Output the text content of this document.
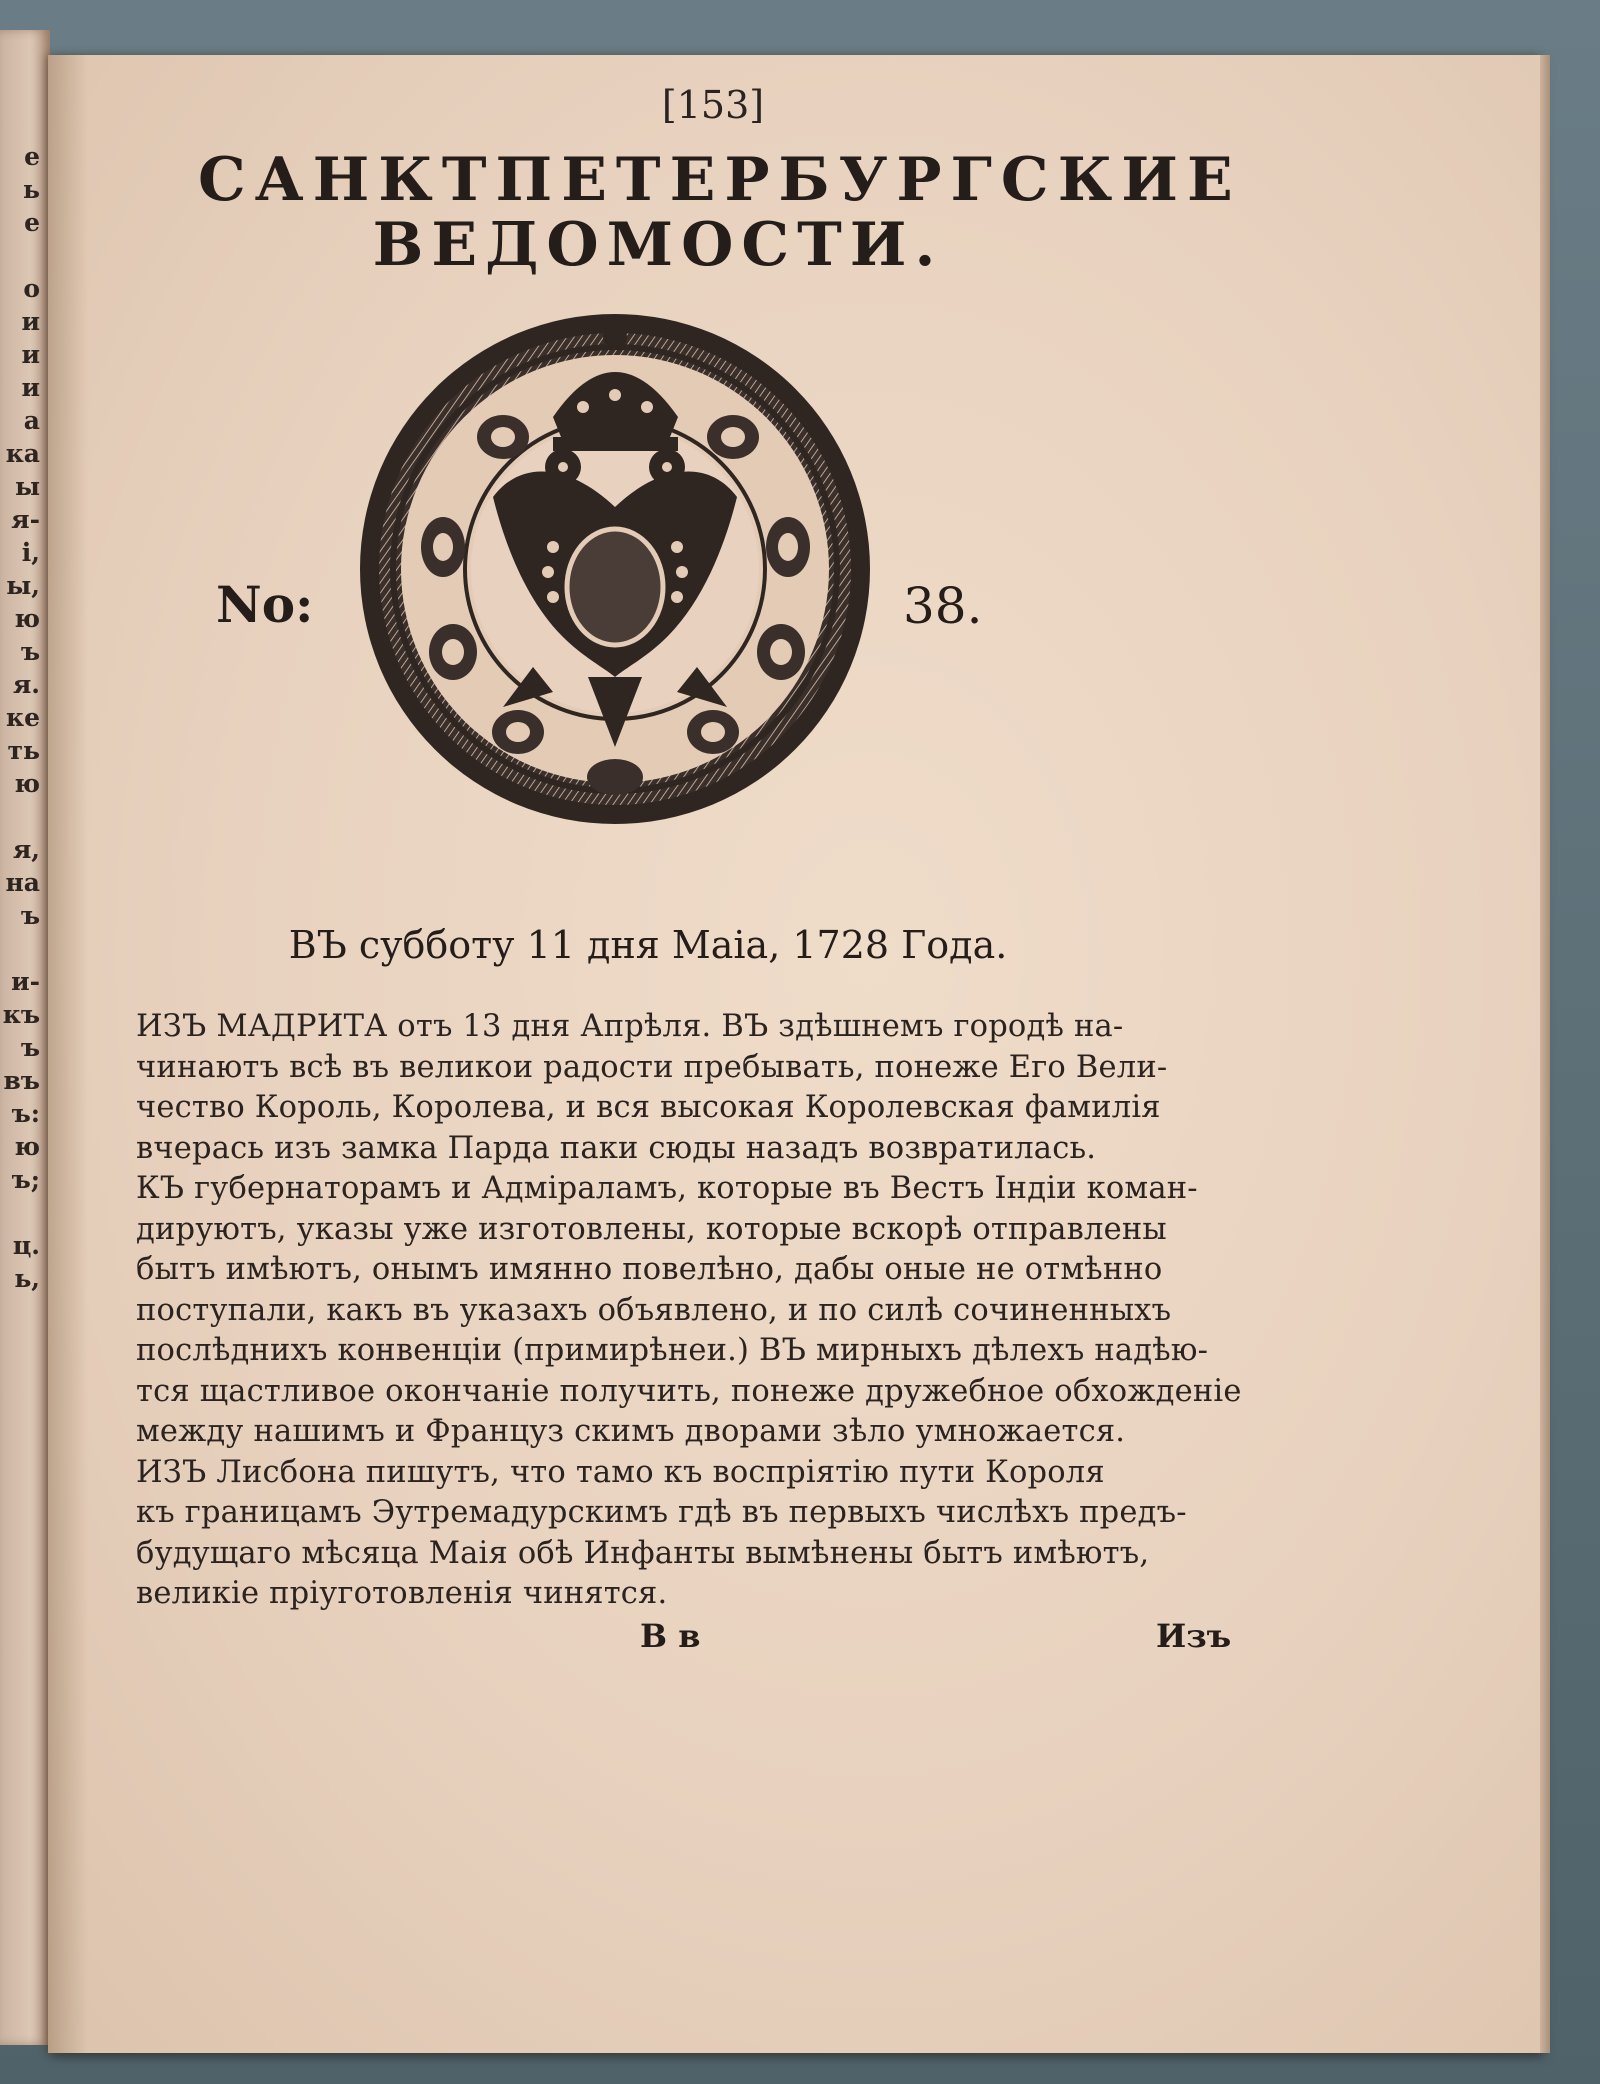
е
ь
е
о
и
и
и
а
ка
ы
я-
і,
ы,
ю
ъ
я.
ке
ть
ю
я,
на
ъ
и-
къ
ъ
въ
ъ:
ю
ъ;
ц.
ь,
[153]
САНКТПЕТЕРБУРГСКИЕ
ВЕДОМОСТИ.
No:	38.
ВЪ субботу 11 дня Маіа, 1728 Года.
ИЗЪ МАДРИТА отъ 13 дня Апрѣля. ВЪ здѣшнемъ городѣ на-
чинаютъ всѣ въ великои радости пребывать, понеже Его Вели-
чество Король, Королева, и вся высокая Королевская фамилія
вчерась изъ замка Парда паки сюды назадъ возвратилась.
КЪ губернаторамъ и Адміраламъ, которые въ Вестъ Індіи коман-
дируютъ, указы уже изготовлены, которые вскорѣ отправлены
бытъ имѣютъ, онымъ имянно повелѣно, дабы оные не отмѣнно
поступали, какъ въ указахъ объявлено, и по силѣ сочиненныхъ
послѣднихъ конвенціи (примирѣнеи.) ВЪ мирныхъ дѣлехъ надѣю-
тся щастливое окончаніе получить, понеже дружебное обхожденіе
между нашимъ и Француз скимъ дворами зѣло умножается.
ИЗЪ Лисбона пишутъ, что тамо къ воспріятію пути Короля
къ границамъ Эутремадурскимъ гдѣ въ первыхъ числѣхъ предъ-
будущаго мѣсяца Маія обѣ Инфанты вымѣнены бытъ имѣютъ,
великіе пріуготовленія чинятся.
В в	Изъ
